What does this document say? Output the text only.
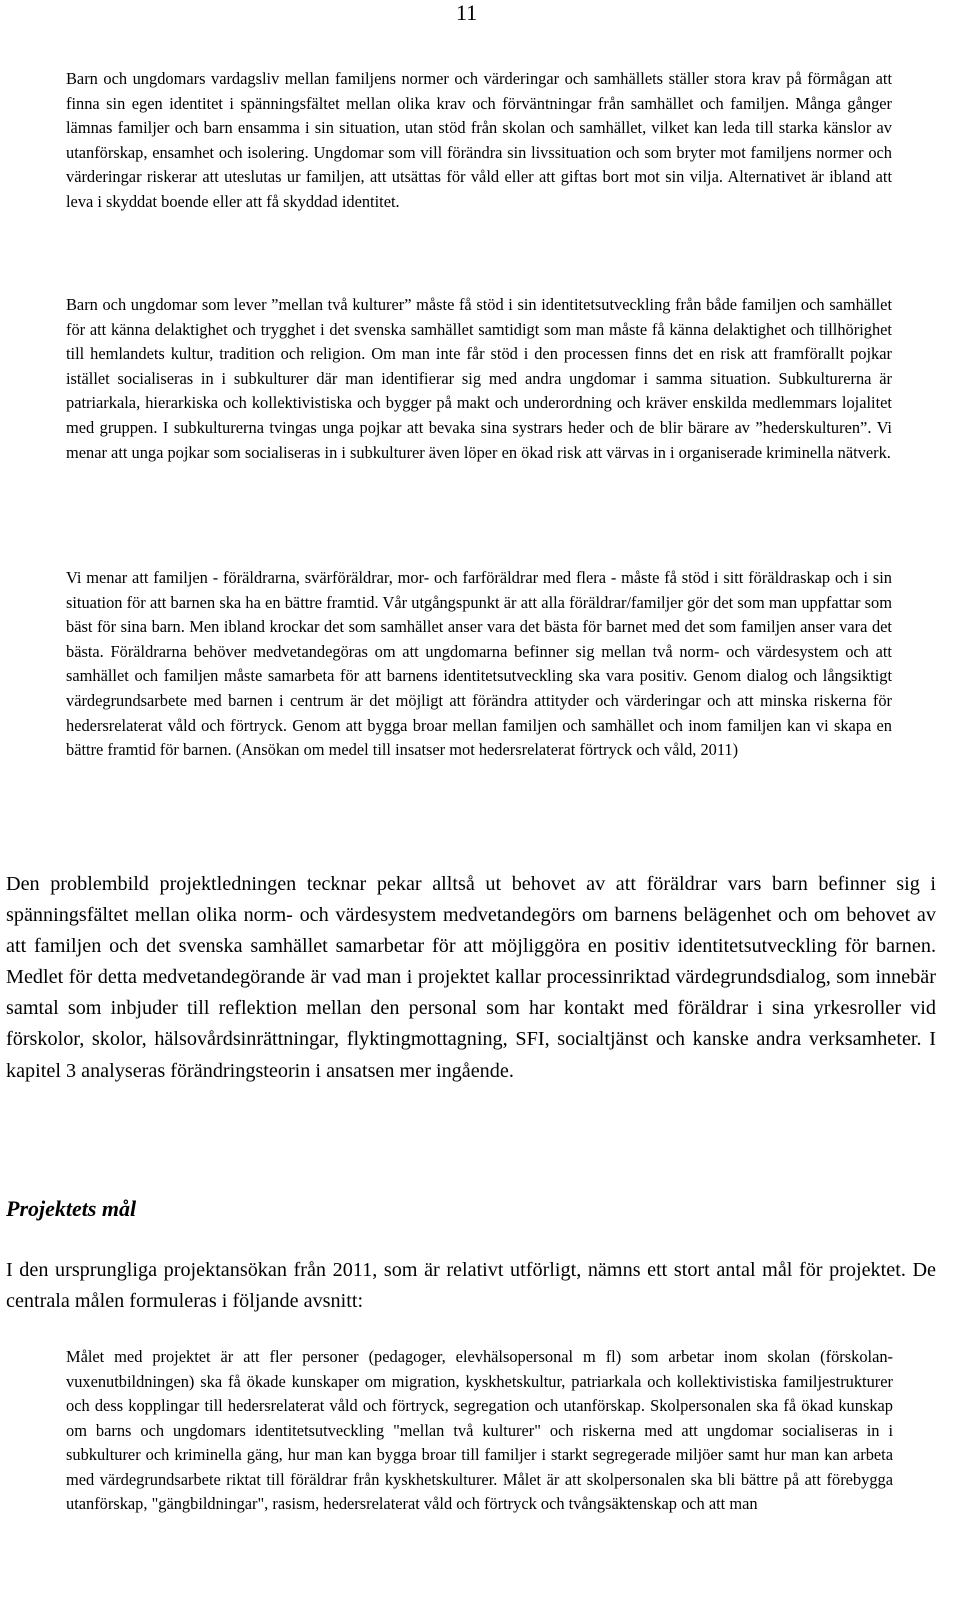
11

Barn och ungdomars vardagsliv mellan familjens normer och värderingar och samhällets ställer stora krav på förmågan att finna sin egen identitet i spänningsfältet mellan olika krav och förväntningar från samhället och familjen. Många gånger lämnas familjer och barn ensamma i sin situation, utan stöd från skolan och samhället, vilket kan leda till starka känslor av utanförskap, ensamhet och isolering. Ungdomar som vill förändra sin livssituation och som bryter mot familjens normer och värderingar riskerar att uteslutas ur familjen, att utsättas för våld eller att giftas bort mot sin vilja. Alternativet är ibland att leva i skyddat boende eller att få skyddad identitet.

Barn och ungdomar som lever ”mellan två kulturer” måste få stöd i sin identitetsutveckling från både familjen och samhället för att känna delaktighet och trygghet i det svenska samhället samtidigt som man måste få känna delaktighet och tillhörighet till hemlandets kultur, tradition och religion. Om man inte får stöd i den processen finns det en risk att framförallt pojkar istället socialiseras in i subkulturer där man identifierar sig med andra ungdomar i samma situation. Subkulturerna är patriarkala, hierarkiska och kollektivistiska och bygger på makt och underordning och kräver enskilda medlemmars lojalitet med gruppen. I subkulturerna tvingas unga pojkar att bevaka sina systrars heder och de blir bärare av ”hederskulturen”. Vi menar att unga pojkar som socialiseras in i subkulturer även löper en ökad risk att värvas in i organiserade kriminella nätverk.

Vi menar att familjen - föräldrarna, svärföräldrar, mor- och farföräldrar med flera - måste få stöd i sitt föräldraskap och i sin situation för att barnen ska ha en bättre framtid. Vår utgångspunkt är att alla föräldrar/familjer gör det som man uppfattar som bäst för sina barn. Men ibland krockar det som samhället anser vara det bästa för barnet med det som familjen anser vara det bästa. Föräldrarna behöver medvetandegöras om att ungdomarna befinner sig mellan två norm- och värdesystem och att samhället och familjen måste samarbeta för att barnens identitetsutveckling ska vara positiv. Genom dialog och långsiktigt värdegrundsarbete med barnen i centrum är det möjligt att förändra attityder och värderingar och att minska riskerna för hedersrelaterat våld och förtryck. Genom att bygga broar mellan familjen och samhället och inom familjen kan vi skapa en bättre framtid för barnen. (Ansökan om medel till insatser mot hedersrelaterat förtryck och våld, 2011)

Den problembild projektledningen tecknar pekar alltså ut behovet av att föräldrar vars barn befinner sig i spänningsfältet mellan olika norm- och värdesystem medvetandegörs om barnens belägenhet och om behovet av att familjen och det svenska samhället samarbetar för att möjliggöra en positiv identitetsutveckling för barnen. Medlet för detta medvetandegörande är vad man i projektet kallar processinriktad värdegrundsdialog, som innebär samtal som inbjuder till reflektion mellan den personal som har kontakt med föräldrar i sina yrkesroller vid förskolor, skolor, hälsovårdsinrättningar, flyktingmottagning, SFI, socialtjänst och kanske andra verksamheter. I kapitel 3 analyseras förändringsteorin i ansatsen mer ingående.

Projektets mål

I den ursprungliga projektansökan från 2011, som är relativt utförligt, nämns ett stort antal mål för projektet. De centrala målen formuleras i följande avsnitt:

Målet med projektet är att fler personer (pedagoger, elevhälsopersonal m fl) som arbetar inom skolan (förskolan-vuxenutbildningen) ska få ökade kunskaper om migration, kyskhetskultur, patriarkala och kollektivistiska familjestrukturer och dess kopplingar till hedersrelaterat våld och förtryck, segregation och utanförskap. Skolpersonalen ska få ökad kunskap om barns och ungdomars identitetsutveckling "mellan två kulturer" och riskerna med att ungdomar socialiseras in i subkulturer och kriminella gäng, hur man kan bygga broar till familjer i starkt segregerade miljöer samt hur man kan arbeta med värdegrundsarbete riktat till föräldrar från kyskhetskulturer. Målet är att skolpersonalen ska bli bättre på att förebygga utanförskap, "gängbildningar", rasism, hedersrelaterat våld och förtryck och tvångsäktenskap och att man
